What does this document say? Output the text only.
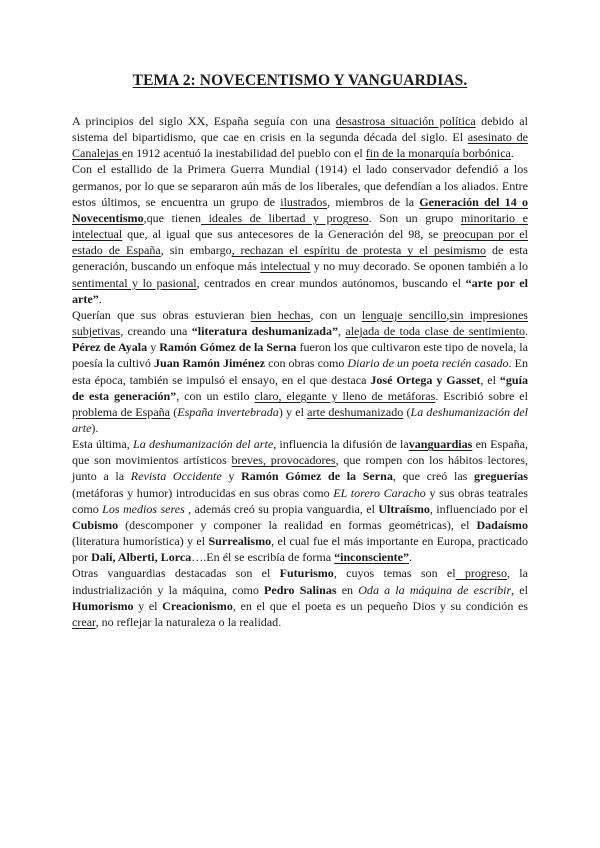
TEMA 2: NOVECENTISMO Y VANGUARDIAS.

A principios del siglo XX, España seguía con una desastrosa situación política debido al sistema del bipartidismo, que cae en crisis en la segunda década del siglo. El asesinato de Canalejas en 1912 acentuó la inestabilidad del pueblo con el fin de la monarquía borbónica.

Con el estallido de la Primera Guerra Mundial (1914) el lado conservador defendió a los germanos, por lo que se separaron aún más de los liberales, que defendían a los aliados. Entre estos últimos, se encuentra un grupo de ilustrados, miembros de la Generación del 14 o Novecentismo,que tienen ideales de libertad y progreso. Son un grupo minoritario e intelectual que, al igual que sus antecesores de la Generación del 98, se preocupan por el estado de España, sin embargo, rechazan el espíritu de protesta y el pesimismo de esta generación, buscando un enfoque más intelectual y no muy decorado. Se oponen también a lo sentimental y lo pasional, centrados en crear mundos autónomos, buscando el “arte por el arte”.

Querían que sus obras estuvieran bien hechas, con un lenguaje sencillo,sin impresiones subjetivas, creando una “literatura deshumanizada”, alejada de toda clase de sentimiento. Pérez de Ayala y Ramón Gómez de la Serna fueron los que cultivaron este tipo de novela, la poesía la cultivó Juan Ramón Jiménez con obras como Diario de un poeta recién casado. En esta época, también se impulsó el ensayo, en el que destaca José Ortega y Gasset, el “guía de esta generación”, con un estilo claro, elegante y lleno de metáforas. Escribió sobre el problema de España (España invertebrada) y el arte deshumanizado (La deshumanización del arte).

Esta última, La deshumanización del arte, influencia la difusión de lavanguardias en España, que son movimientos artísticos breves, provocadores, que rompen con los hábitos lectores, junto a la Revista Occidente y Ramón Gómez de la Serna, que creó las greguerías (metáforas y humor) introducidas en sus obras como EL torero Caracho y sus obras teatrales como Los medios seres , además creó su propia vanguardia, el Ultraísmo, influenciado por el Cubismo (descomponer y componer la realidad en formas geométricas), el Dadaísmo (literatura humorística) y el Surrealismo, el cual fue el más importante en Europa, practicado por Dalí, Alberti, Lorca….En él se escribía de forma “inconsciente”.

Otras vanguardias destacadas son el Futurismo, cuyos temas son el progreso, la industrialización y la máquina, como Pedro Salinas en Oda a la máquina de escribir, el Humorismo y el Creacionismo, en el que el poeta es un pequeño Dios y su condición es crear, no reflejar la naturaleza o la realidad.
